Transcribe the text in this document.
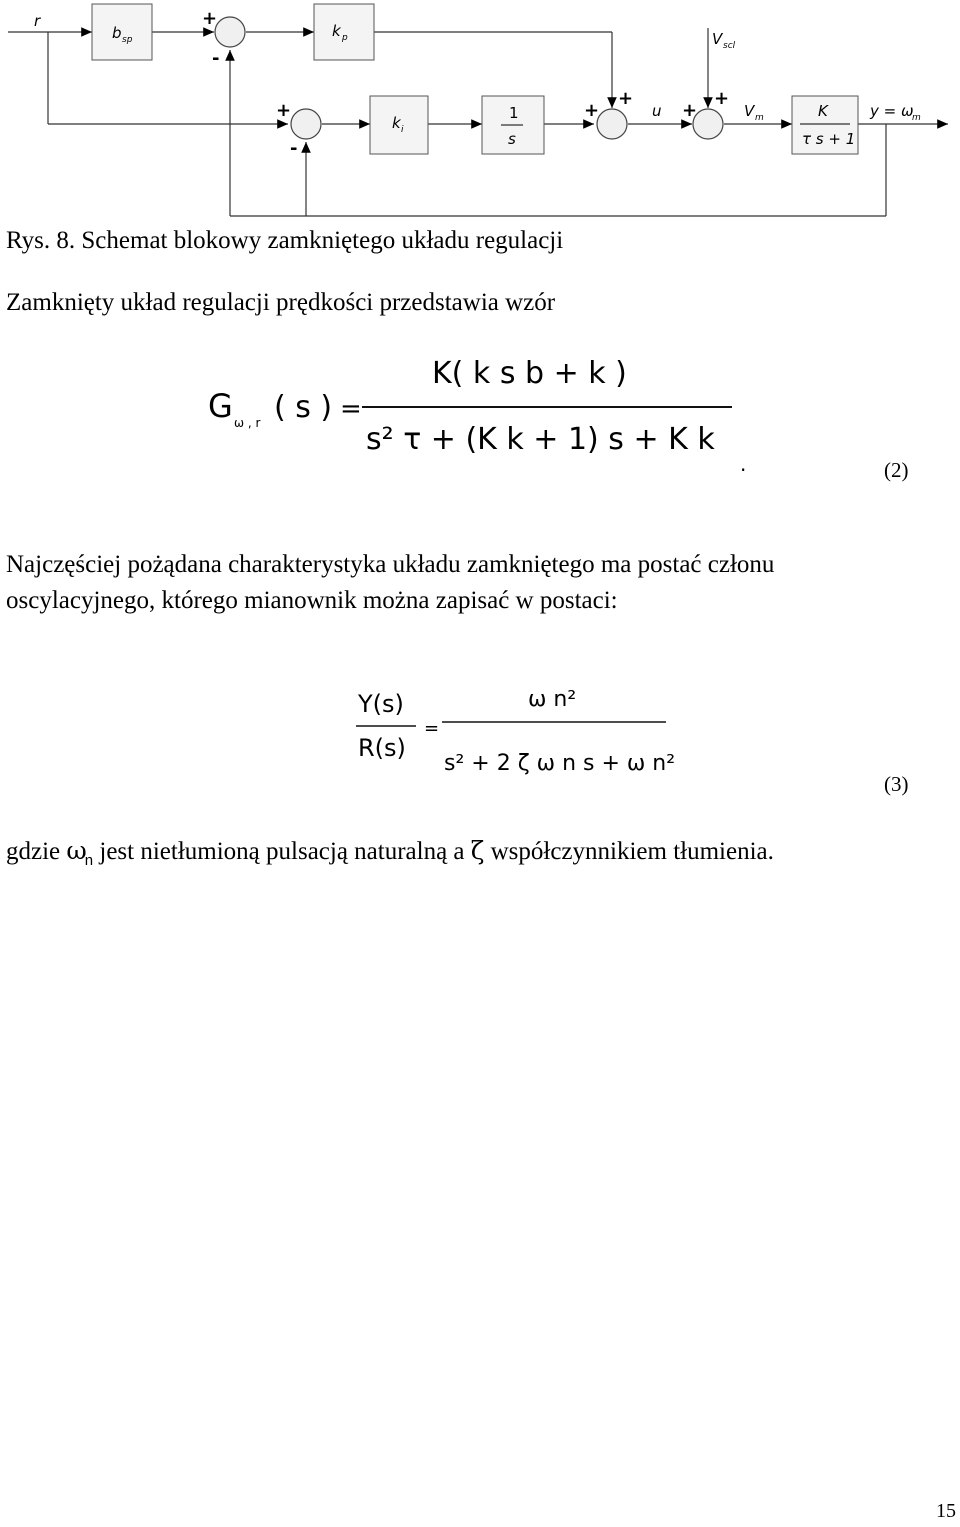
r
b sp	k p
k i
1
s
K
τ s + 1
u	V m
V scl
y = ω
m
+
-
+
-
+
+
+
+
Rys. 8. Schemat blokowy zamkniętego układu regulacji
Zamknięty układ regulacji prędkości przedstawia wzór
G ω , r ( s ) =
K( k s b + k )
s² τ + (K k + 1) s + K k
.	(2)
Najczęściej pożądana charakterystyka układu zamkniętego ma postać członu
oscylacyjnego, którego mianownik można zapisać w postaci:
Y(s)
R(s)
=
ω n²
s² + 2 ζ ω n s + ω n²
(3)
gdzie $\omega_n$ jest nietłumioną pulsacją naturalną a ζ współczynnikiem tłumienia.
15
